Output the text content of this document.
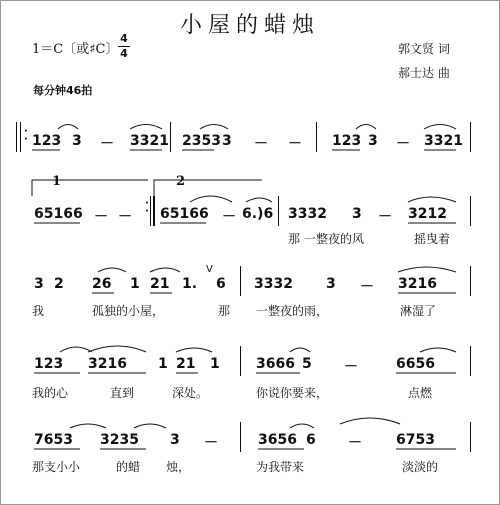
小屋的蜡烛
1＝C〔或♯C〕
4
4	郭文贤 词
郝士达 曲
每分钟46拍
·
· 123 3 － 3321 2353 3 － － 123 3 － 3321
1	2
65166 － －
·
· 65166 － 6.)6 3332 3 － 3212
那 一整夜的风	摇曳着
3 2 26 1 21 1.
V
6 3332 3 － 3216
我	孤独的小屋，	那 一整夜的雨，	淋湿了
123 3216 1 21 1	3666 5 －	6656
我的心	直到	深处。	你说你要来，	点燃
7653 3235 3 －	3656 6 － 6753
那支小小	的蜡 烛，	为我带来	淡淡的
